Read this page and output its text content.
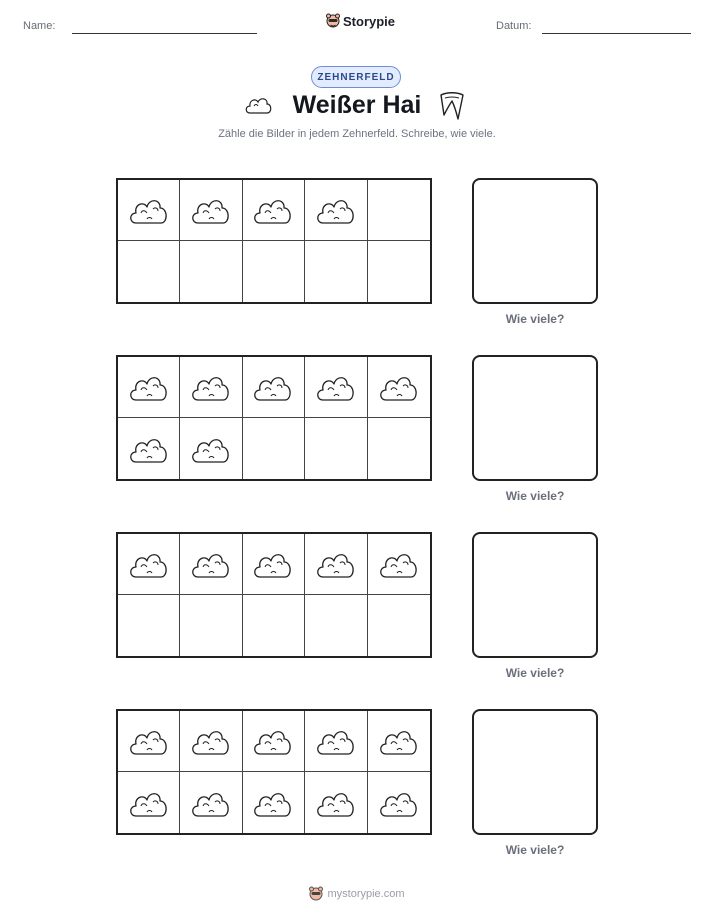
Name:	Storypie	Datum:
ZEHNERFELD
Weißer Hai
Zähle die Bilder in jedem Zehnerfeld. Schreibe, wie viele.
Wie viele?
Wie viele?
Wie viele?
Wie viele?
mystorypie.com
